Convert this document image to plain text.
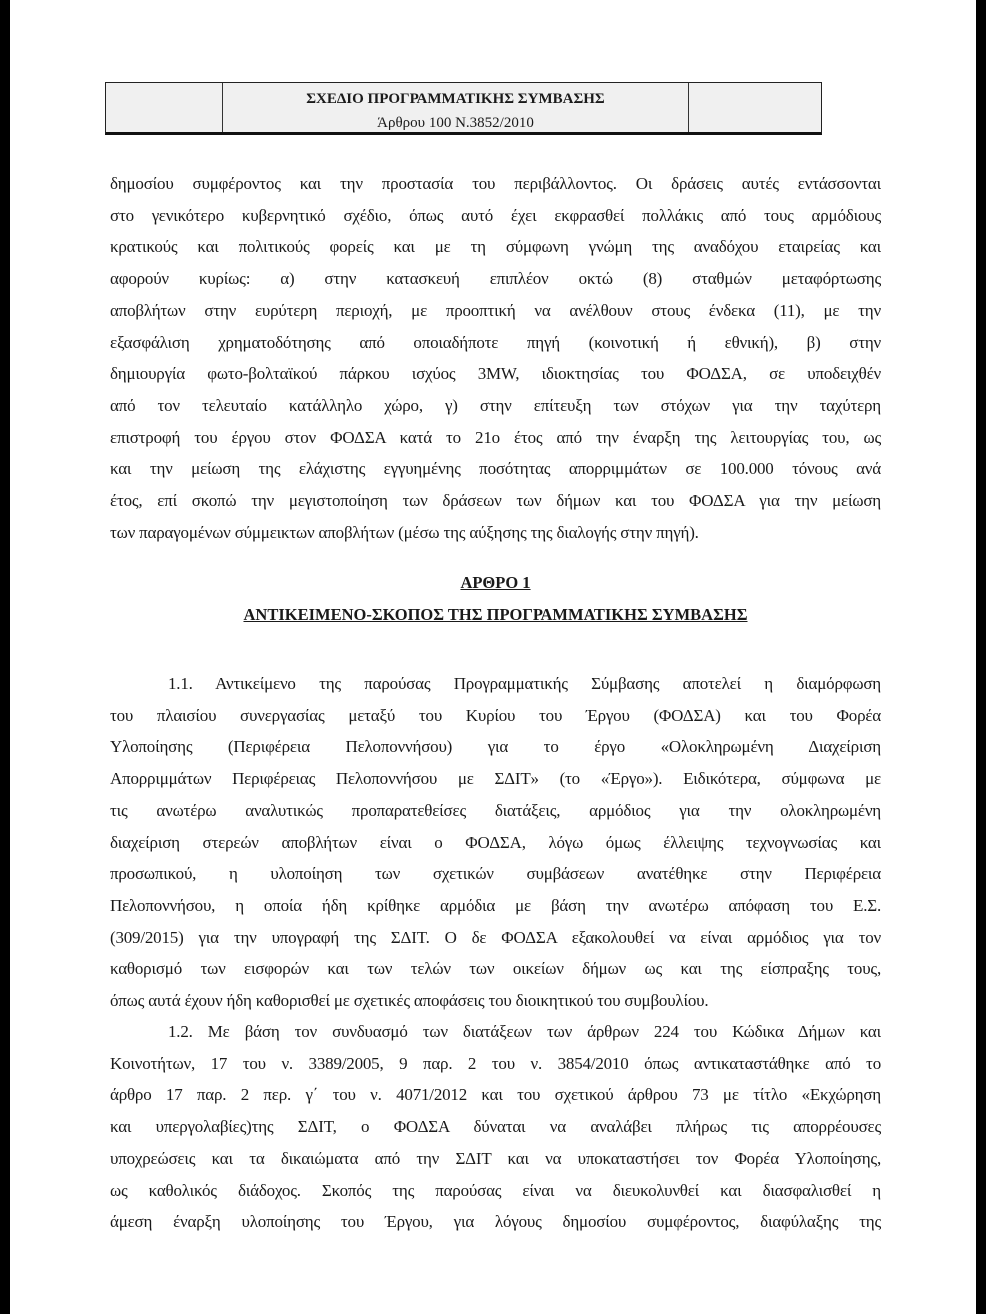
ΣΧΕΔΙΟ ΠΡΟΓΡΑΜΜΑΤΙΚΗΣ ΣΥΜΒΑΣΗΣ
Άρθρου 100 Ν.3852/2010
δημοσίου συμφέροντος και την προστασία του περιβάλλοντος. Οι δράσεις αυτές εντάσσονται
στο γενικότερο κυβερνητικό σχέδιο, όπως αυτό έχει εκφρασθεί πολλάκις από τους αρμόδιους
κρατικούς και πολιτικούς φορείς και με τη σύμφωνη γνώμη της αναδόχου εταιρείας και
αφορούν κυρίως: α) στην κατασκευή επιπλέον οκτώ (8) σταθμών μεταφόρτωσης
αποβλήτων στην ευρύτερη περιοχή, με προοπτική να ανέλθουν στους ένδεκα (11), με την
εξασφάλιση χρηματοδότησης από οποιαδήποτε πηγή (κοινοτική ή εθνική), β) στην
δημιουργία φωτο-βολταϊκού πάρκου ισχύος 3MW, ιδιοκτησίας του ΦΟΔΣΑ, σε υποδειχθέν
από τον τελευταίο κατάλληλο χώρο, γ) στην επίτευξη των στόχων για την ταχύτερη
επιστροφή του έργου στον ΦΟΔΣΑ κατά το 21ο έτος από την έναρξη της λειτουργίας του, ως
και την μείωση της ελάχιστης εγγυημένης ποσότητας απορριμμάτων σε 100.000 τόνους ανά
έτος, επί σκοπώ την μεγιστοποίηση των δράσεων των δήμων και του ΦΟΔΣΑ για την μείωση
των παραγομένων σύμμεικτων αποβλήτων (μέσω της αύξησης της διαλογής στην πηγή).
ΑΡΘΡΟ 1
ΑΝΤΙΚΕΙΜΕΝΟ-ΣΚΟΠΟΣ ΤΗΣ ΠΡΟΓΡΑΜΜΑΤΙΚΗΣ ΣΥΜΒΑΣΗΣ
1.1. Αντικείμενο της παρούσας Προγραμματικής Σύμβασης αποτελεί η διαμόρφωση
του πλαισίου συνεργασίας μεταξύ του Κυρίου του Έργου (ΦΟΔΣΑ) και του Φορέα
Υλοποίησης (Περιφέρεια Πελοποννήσου) για το έργο «Ολοκληρωμένη Διαχείριση
Απορριμμάτων Περιφέρειας Πελοποννήσου με ΣΔΙΤ» (το «Έργο»). Ειδικότερα, σύμφωνα με
τις ανωτέρω αναλυτικώς προπαρατεθείσες διατάξεις, αρμόδιος για την ολοκληρωμένη
διαχείριση στερεών αποβλήτων είναι ο ΦΟΔΣΑ, λόγω όμως έλλειψης τεχνογνωσίας και
προσωπικού, η υλοποίηση των σχετικών συμβάσεων ανατέθηκε στην Περιφέρεια
Πελοποννήσου, η οποία ήδη κρίθηκε αρμόδια με βάση την ανωτέρω απόφαση του Ε.Σ.
(309/2015) για την υπογραφή της ΣΔΙΤ. Ο δε ΦΟΔΣΑ εξακολουθεί να είναι αρμόδιος για τον
καθορισμό των εισφορών και των τελών των οικείων δήμων ως και της είσπραξης τους,
όπως αυτά έχουν ήδη καθορισθεί με σχετικές αποφάσεις του διοικητικού του συμβουλίου.
1.2. Με βάση τον συνδυασμό των διατάξεων των άρθρων 224 του Κώδικα Δήμων και
Κοινοτήτων, 17 του ν. 3389/2005, 9 παρ. 2 του ν. 3854/2010 όπως αντικαταστάθηκε από το
άρθρο 17 παρ. 2 περ. γ΄ του ν. 4071/2012 και του σχετικού άρθρου 73 με τίτλο «Εκχώρηση
και υπεργολαβίες)της ΣΔΙΤ, ο ΦΟΔΣΑ δύναται να αναλάβει πλήρως τις απορρέουσες
υποχρεώσεις και τα δικαιώματα από την ΣΔΙΤ και να υποκαταστήσει τον Φορέα Υλοποίησης,
ως καθολικός διάδοχος. Σκοπός της παρούσας είναι να διευκολυνθεί και διασφαλισθεί η
άμεση έναρξη υλοποίησης του Έργου, για λόγους δημοσίου συμφέροντος, διαφύλαξης της
